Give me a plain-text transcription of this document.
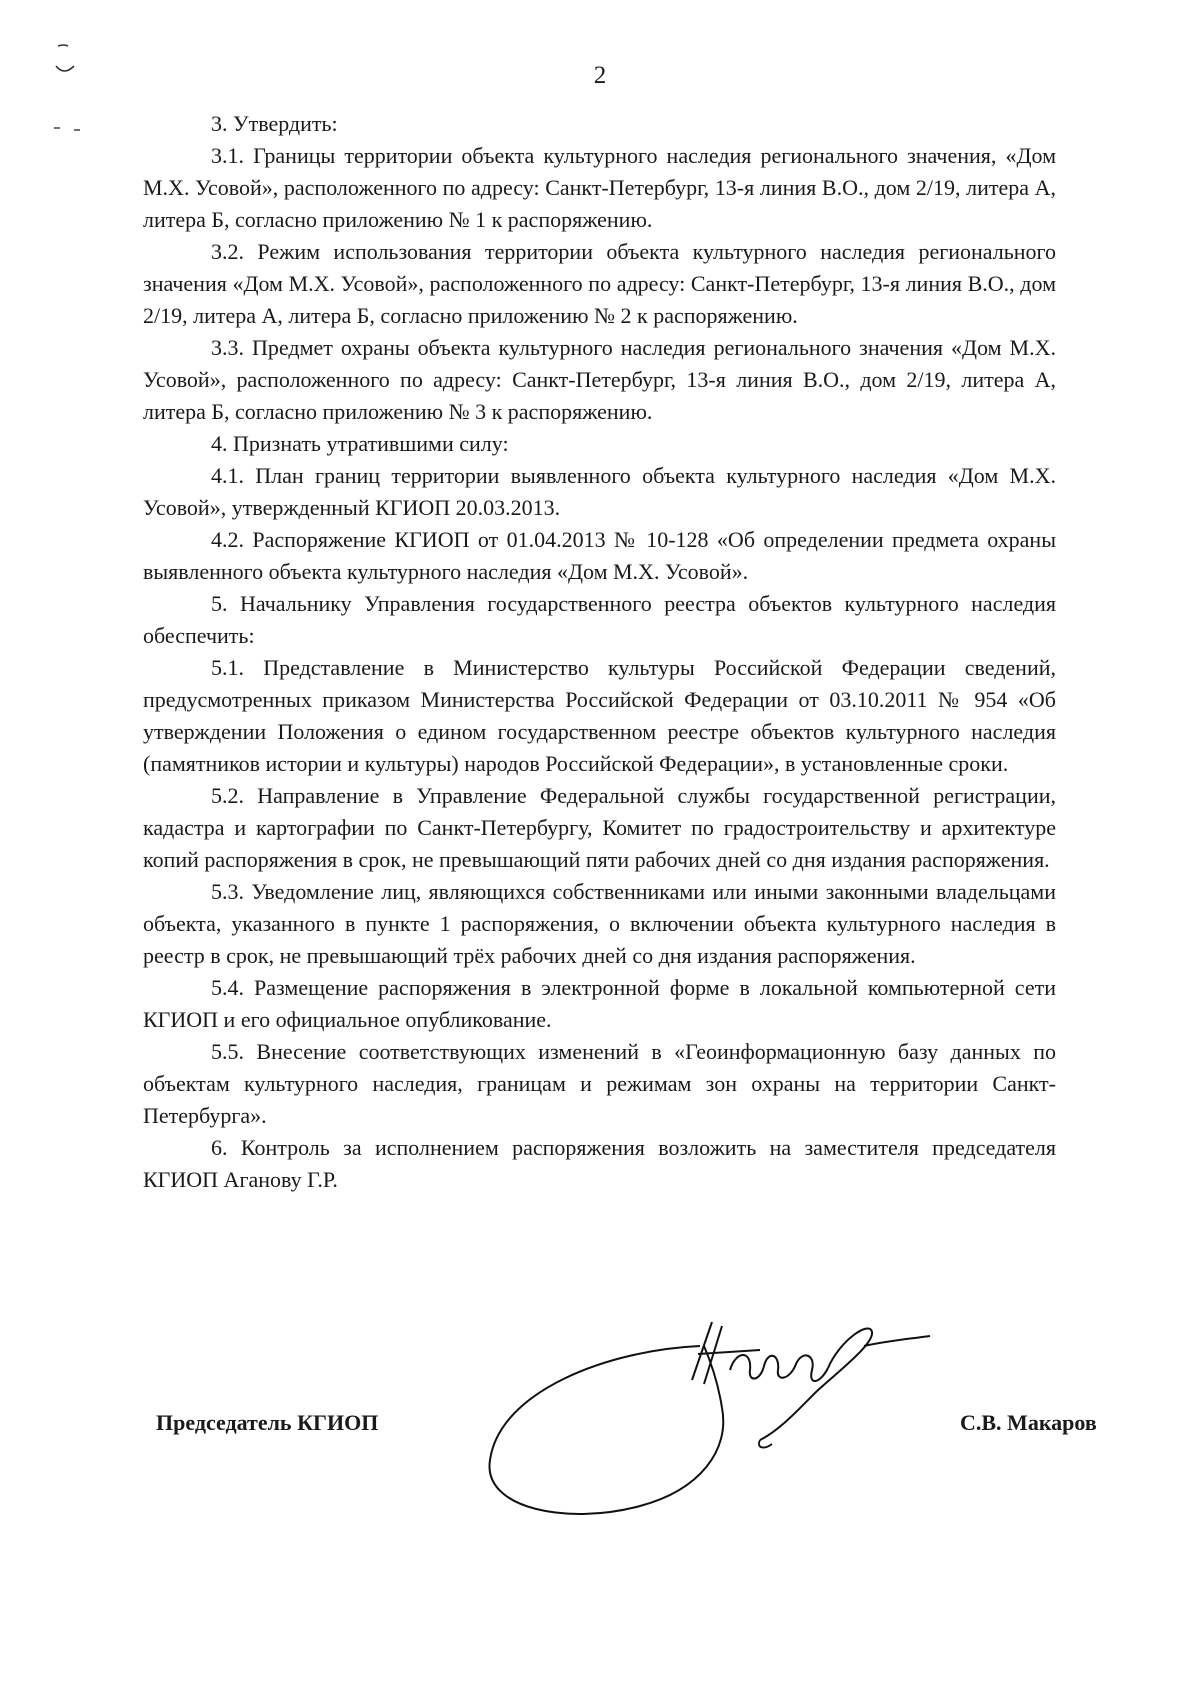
2

3. Утвердить:

3.1. Границы территории объекта культурного наследия регионального значения, «Дом М.Х. Усовой», расположенного по адресу: Санкт-Петербург, 13-я линия В.О., дом 2/19, литера А, литера Б, согласно приложению № 1 к распоряжению.

3.2. Режим использования территории объекта культурного наследия регионального значения «Дом М.Х. Усовой», расположенного по адресу: Санкт-Петербург, 13-я линия В.О., дом 2/19, литера А, литера Б, согласно приложению № 2 к распоряжению.

3.3. Предмет охраны объекта культурного наследия регионального значения «Дом М.Х. Усовой», расположенного по адресу: Санкт-Петербург, 13-я линия В.О., дом 2/19, литера А, литера Б, согласно приложению № 3 к распоряжению.

4. Признать утратившими силу:

4.1. План границ территории выявленного объекта культурного наследия «Дом М.Х. Усовой», утвержденный КГИОП 20.03.2013.

4.2. Распоряжение КГИОП от 01.04.2013 № 10-128 «Об определении предмета охраны выявленного объекта культурного наследия «Дом М.Х. Усовой».

5. Начальнику Управления государственного реестра объектов культурного наследия обеспечить:

5.1. Представление в Министерство культуры Российской Федерации сведений, предусмотренных приказом Министерства Российской Федерации от 03.10.2011 № 954 «Об утверждении Положения о едином государственном реестре объектов культурного наследия (памятников истории и культуры) народов Российской Федерации», в установленные сроки.

5.2. Направление в Управление Федеральной службы государственной регистрации, кадастра и картографии по Санкт-Петербургу, Комитет по градостроительству и архитектуре копий распоряжения в срок, не превышающий пяти рабочих дней со дня издания распоряжения.

5.3. Уведомление лиц, являющихся собственниками или иными законными владельцами объекта, указанного в пункте 1 распоряжения, о включении объекта культурного наследия в реестр в срок, не превышающий трёх рабочих дней со дня издания распоряжения.

5.4. Размещение распоряжения в электронной форме в локальной компьютерной сети КГИОП и его официальное опубликование.

5.5. Внесение соответствующих изменений в «Геоинформационную базу данных по объектам культурного наследия, границам и режимам зон охраны на территории Санкт-Петербурга».

6. Контроль за исполнением распоряжения возложить на заместителя председателя КГИОП Аганову Г.Р.

Председатель КГИОП	С.В. Макаров
